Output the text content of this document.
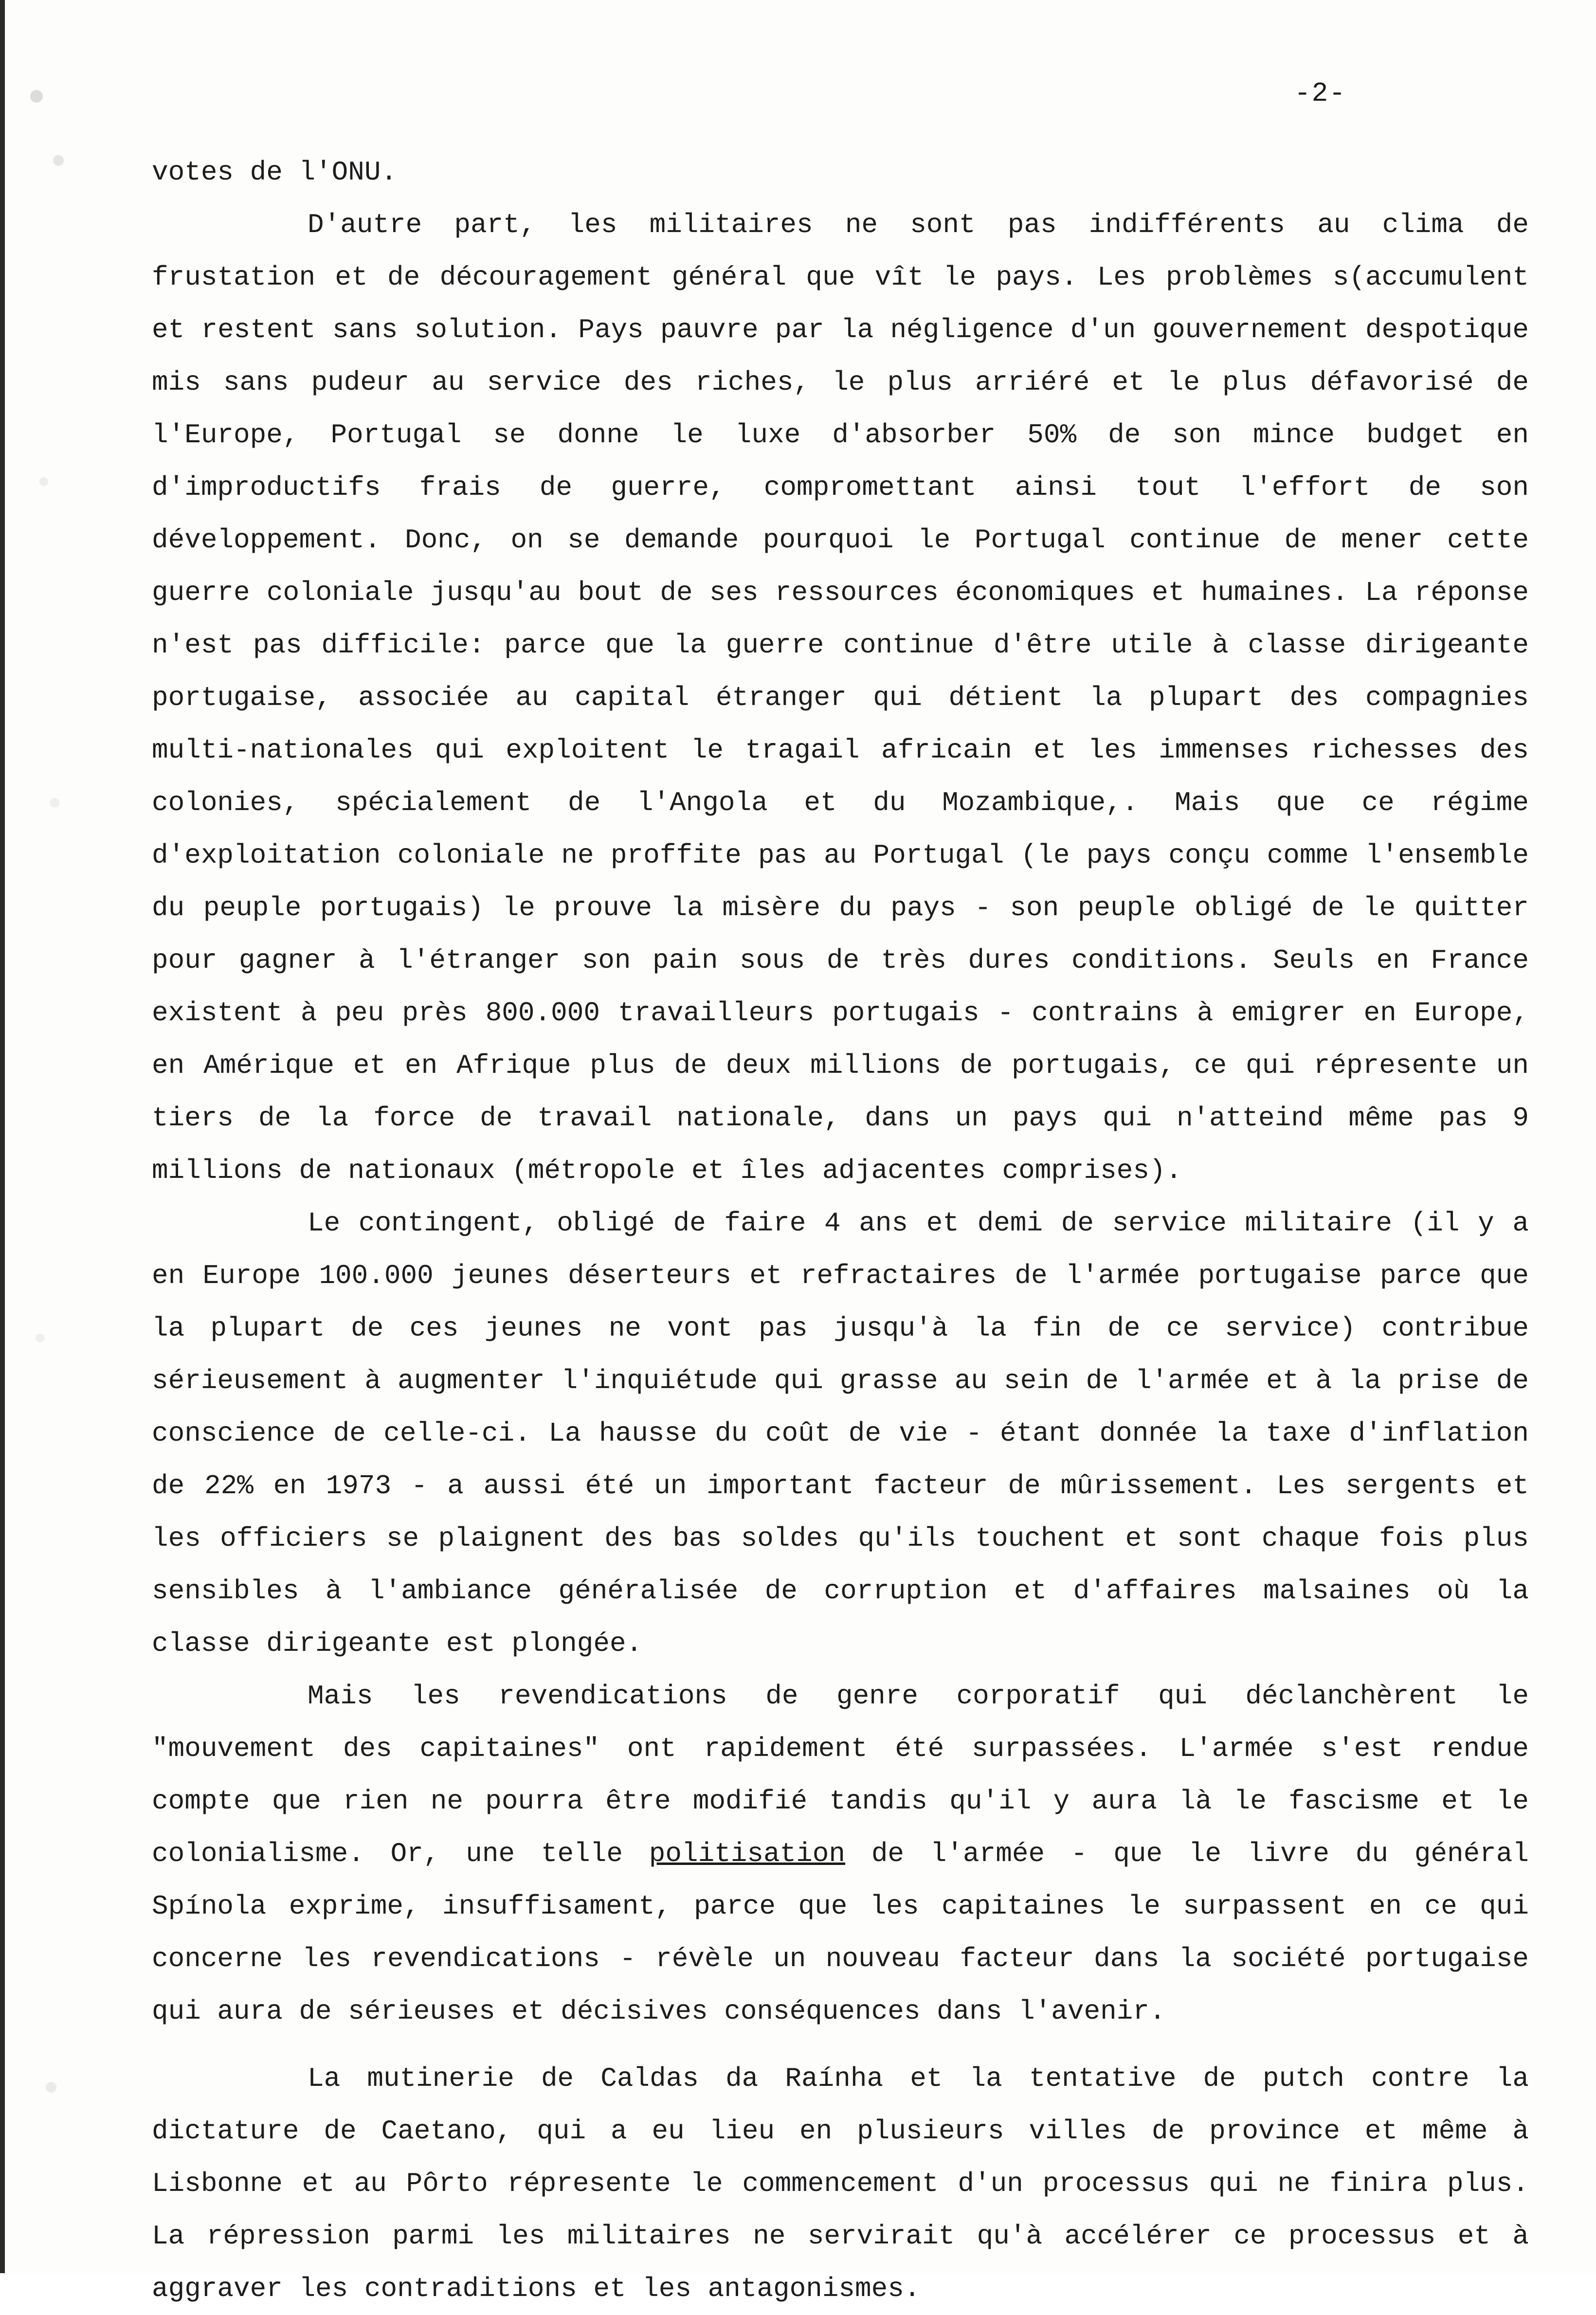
-2-

votes de l'ONU.

D'autre part, les militaires ne sont pas indifférents au clima de frustation et de découragement général que vît le pays. Les problèmes s(accumulent et restent sans solution. Pays pauvre par la négligence d'un gouvernement despotique mis sans pudeur au service des riches, le plus arriéré et le plus défavorisé de l'Europe, Portugal se donne le luxe d'absorber 50% de son mince budget en d'improductifs frais de guerre, compromettant ainsi tout l'effort de son développement. Donc, on se demande pourquoi le Portugal continue de mener cette guerre coloniale jusqu'au bout de ses ressources économiques et humaines. La réponse n'est pas difficile: parce que la guerre continue d'être utile à classe dirigeante portugaise, associée au capital étranger qui détient la plupart des compagnies multi-nationales qui exploitent le tragail africain et les immenses richesses des colonies, spécialement de l'Angola et du Mozambique,. Mais que ce régime d'exploitation coloniale ne proffite pas au Portugal (le pays conçu comme l'ensemble du peuple portugais) le prouve la misère du pays - son peuple obligé de le quitter pour gagner à l'étranger son pain sous de très dures conditions. Seuls en France existent à peu près 800.000 travailleurs portugais - contrains à emigrer en Europe, en Amérique et en Afrique plus de deux millions de portugais, ce qui répresente un tiers de la force de travail nationale, dans un pays qui n'atteind même pas 9 millions de nationaux (métropole et îles adjacentes comprises).

Le contingent, obligé de faire 4 ans et demi de service militaire (il y a en Europe 100.000 jeunes déserteurs et refractaires de l'armée portugaise parce que la plupart de ces jeunes ne vont pas jusqu'à la fin de ce service) contribue sérieusement à augmenter l'inquiétude qui grasse au sein de l'armée et à la prise de conscience de celle-ci. La hausse du coût de vie - étant donnée la taxe d'inflation de 22% en 1973 - a aussi été un important facteur de mûrissement. Les sergents et les officiers se plaignent des bas soldes qu'ils touchent et sont chaque fois plus sensibles à l'ambiance généralisée de corruption et d'affaires malsaines où la classe dirigeante est plongée.

Mais les revendications de genre corporatif qui déclanchèrent le "mouvement des capitaines" ont rapidement été surpassées. L'armée s'est rendue compte que rien ne pourra être modifié tandis qu'il y aura là le fascisme et le colonialisme. Or, une telle politisation de l'armée - que le livre du général Spínola exprime, insuffisament, parce que les capitaines le surpassent en ce qui concerne les revendications - révèle un nouveau facteur dans la société portugaise qui aura de sérieuses et décisives conséquences dans l'avenir.

La mutinerie de Caldas da Raínha et la tentative de putch contre la dictature de Caetano, qui a eu lieu en plusieurs villes de province et même à Lisbonne et au Pôrto répresente le commencement d'un processus qui ne finira plus. La répression parmi les militaires ne servirait qu'à accélérer ce processus et à aggraver les contraditions et les antagonismes.
